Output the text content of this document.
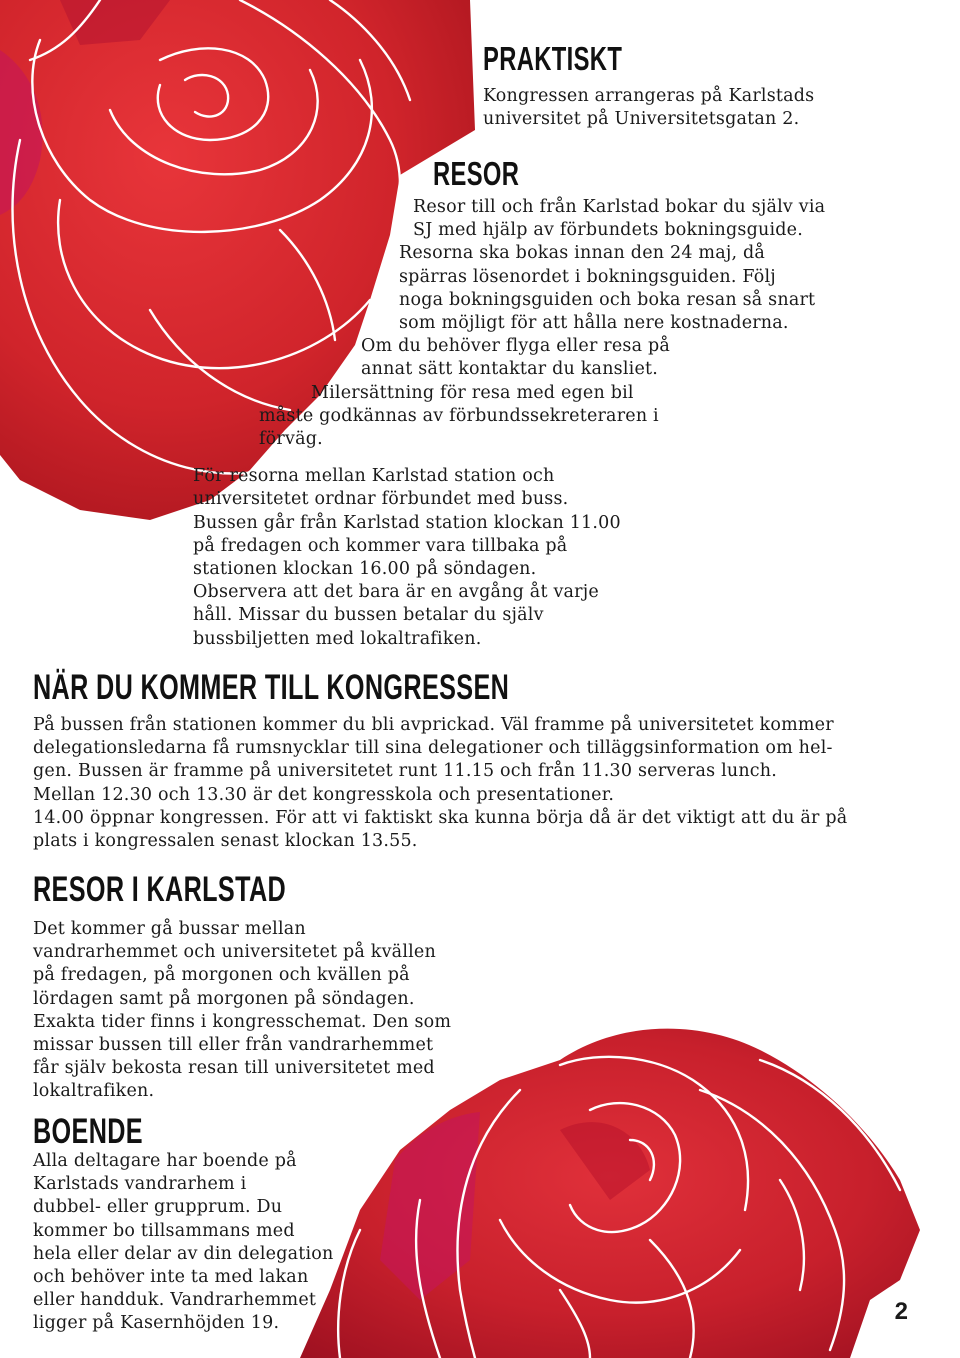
PRAKTISKT
Kongressen arrangeras på Karlstads
universitet på Universitetsgatan 2.
RESOR
Resor till och från Karlstad bokar du själv via
SJ med hjälp av förbundets bokningsguide.
Resorna ska bokas innan den 24 maj, då
spärras lösenordet i bokningsguiden. Följ
noga bokningsguiden och boka resan så snart
som möjligt för att hålla nere kostnaderna.
Om du behöver flyga eller resa på
annat sätt kontaktar du kansliet.
Milersättning för resa med egen bil
måste godkännas av förbundssekreteraren i
förväg.
För resorna mellan Karlstad station och
universitetet ordnar förbundet med buss.
Bussen går från Karlstad station klockan 11.00
på fredagen och kommer vara tillbaka på
stationen klockan 16.00 på söndagen.
Observera att det bara är en avgång åt varje
håll. Missar du bussen betalar du själv
bussbiljetten med lokaltrafiken.
NÄR DU KOMMER TILL KONGRESSEN
På bussen från stationen kommer du bli avprickad. Väl framme på universitetet kommer
delegationsledarna få rumsnycklar till sina delegationer och tilläggsinformation om hel-
gen. Bussen är framme på universitetet runt 11.15 och från 11.30 serveras lunch.
Mellan 12.30 och 13.30 är det kongresskola och presentationer.
14.00 öppnar kongressen. För att vi faktiskt ska kunna börja då är det viktigt att du är på
plats i kongressalen senast klockan 13.55.
RESOR I KARLSTAD
Det kommer gå bussar mellan
vandrarhemmet och universitetet på kvällen
på fredagen, på morgonen och kvällen på
lördagen samt på morgonen på söndagen.
Exakta tider finns i kongresschemat. Den som
missar bussen till eller från vandrarhemmet
får själv bekosta resan till universitetet med
lokaltrafiken.
BOENDE
Alla deltagare har boende på
Karlstads vandrarhem i
dubbel- eller grupprum. Du
kommer bo tillsammans med
hela eller delar av din delegation
och behöver inte ta med lakan
eller handduk. Vandrarhemmet
ligger på Kasernhöjden 19.	2
